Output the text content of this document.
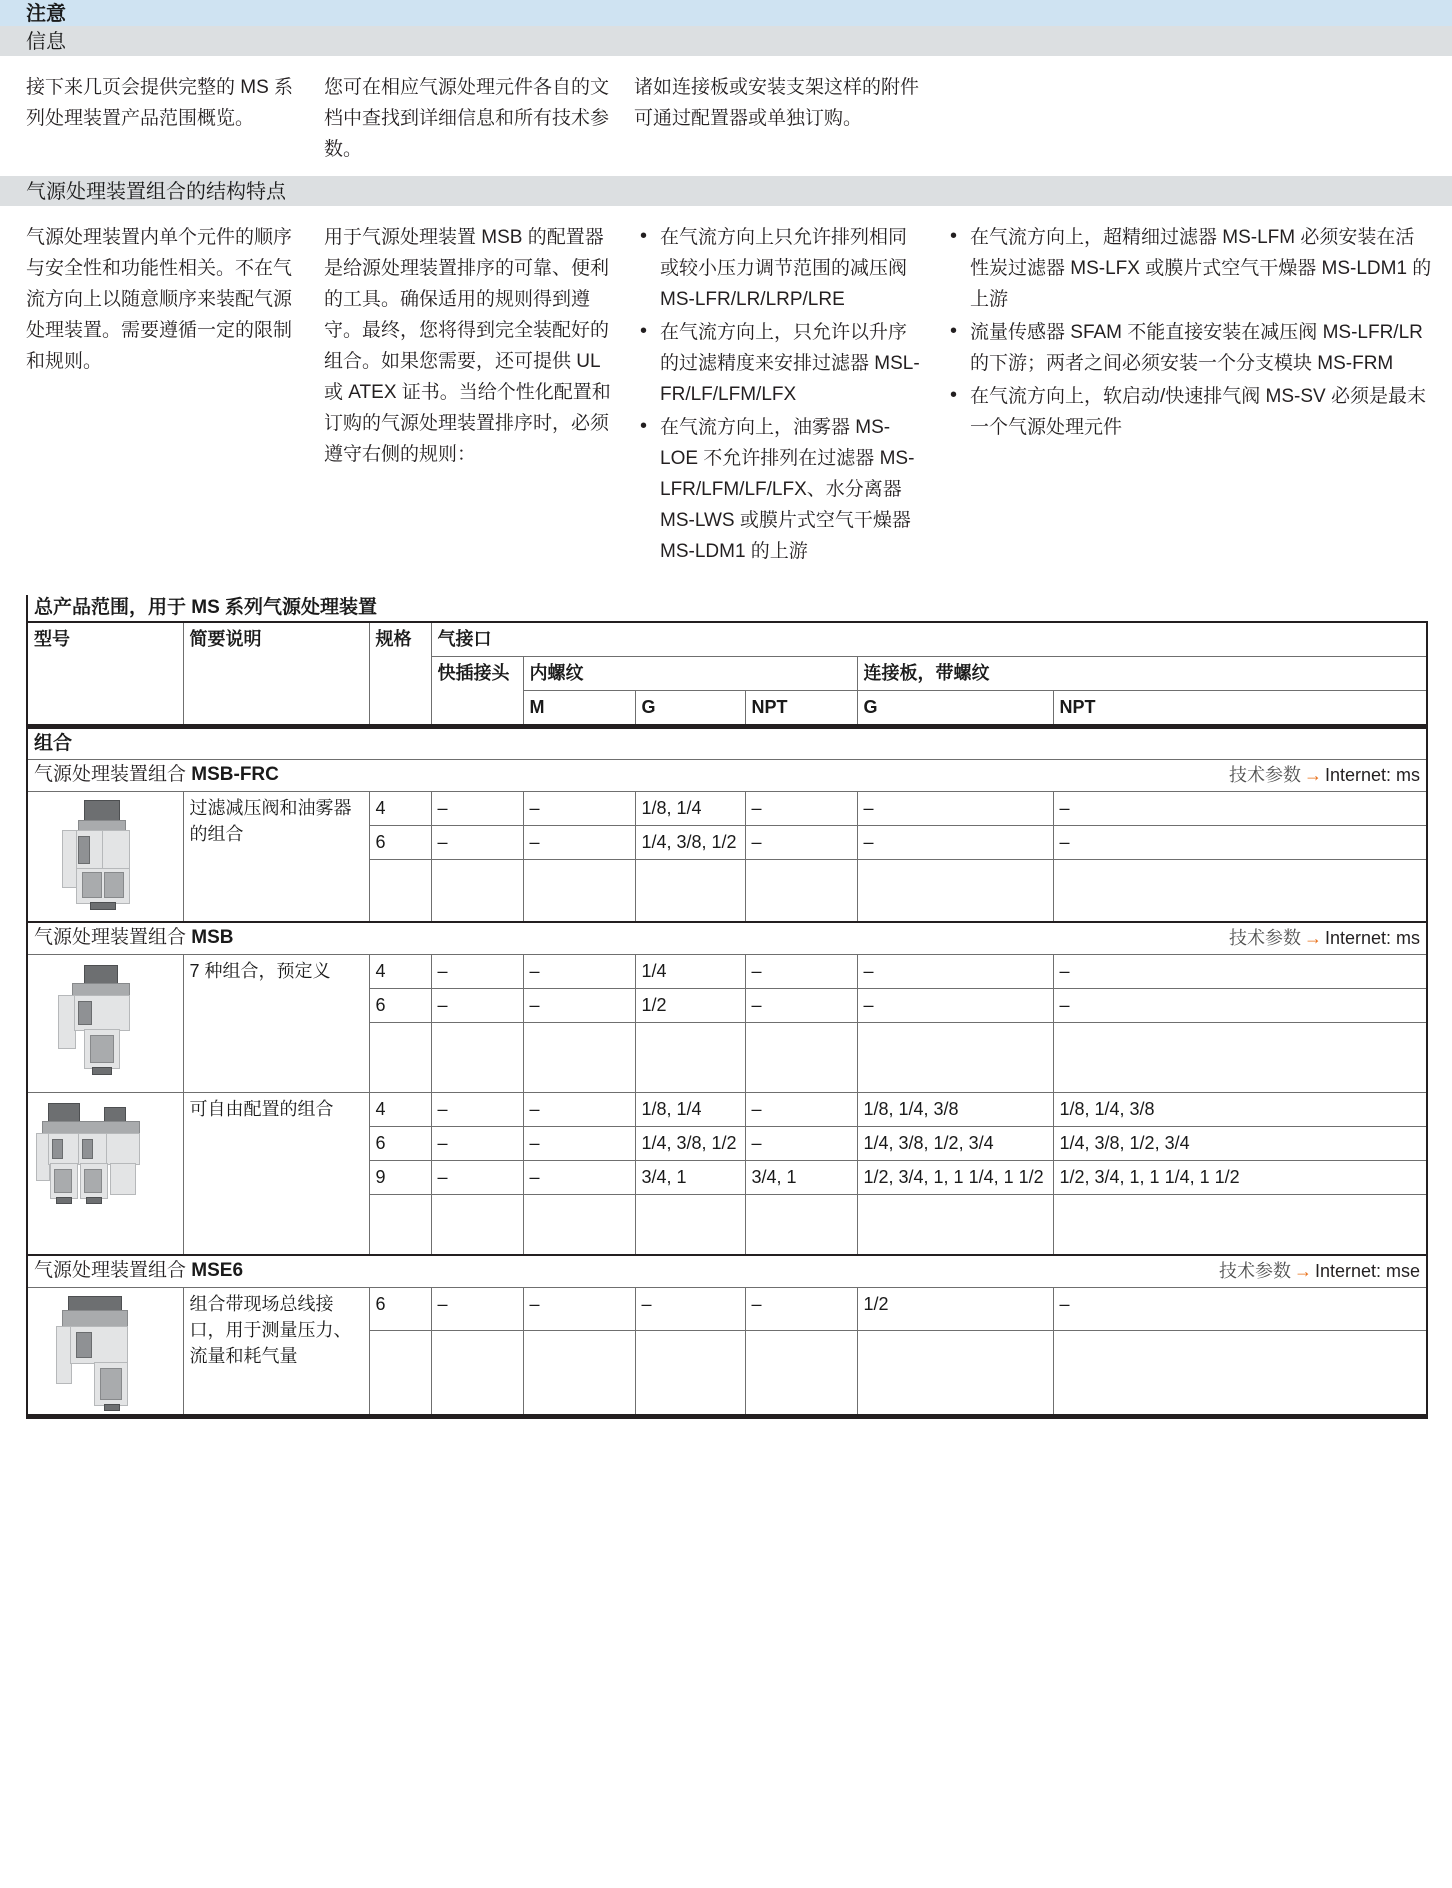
注意
信息
接下来几页会提供完整的 MS 系列处理装置产品范围概览。
您可在相应气源处理元件各自的文档中查找到详细信息和所有技术参数。
诸如连接板或安装支架这样的附件可通过配置器或单独订购。
气源处理装置组合的结构特点
气源处理装置内单个元件的顺序与安全性和功能性相关。不在气流方向上以随意顺序来装配气源处理装置。需要遵循一定的限制和规则。
用于气源处理装置 MSB 的配置器是给源处理装置排序的可靠、便利的工具。确保适用的规则得到遵守。最终，您将得到完全装配好的组合。如果您需要，还可提供 UL 或 ATEX 证书。当给个性化配置和订购的气源处理装置排序时，必须遵守右侧的规则：
• 在气流方向上只允许排列相同或较小压力调节范围的减压阀 MS-LFR/LR/LRP/LRE
• 在气流方向上，只允许以升序的过滤精度来安排过滤器 MSL-FR/LF/LFM/LFX
• 在气流方向上，油雾器 MS-LOE 不允许排列在过滤器 MS-LFR/LFM/LF/LFX、水分离器 MS-LWS 或膜片式空气干燥器 MS-LDM1 的上游
• 在气流方向上，超精细过滤器 MS-LFM 必须安装在活性炭过滤器 MS-LFX 或膜片式空气干燥器 MS-LDM1 的上游
• 流量传感器 SFAM 不能直接安装在减压阀 MS-LFR/LR 的下游；两者之间必须安装一个分支模块 MS-FRM
• 在气流方向上，软启动/快速排气阀 MS-SV 必须是最末一个气源处理元件
总产品范围，用于 MS 系列气源处理装置
型号	简要说明	规格	气接口					
			快插接头	内螺纹			连接板，带螺纹	
				M	G	NPT	G	NPT
组合								

技术参数 → Internet: ms
气源处理装置组合 MSB-FRC								

	过滤减压阀和油雾器的组合	4	–	–	1/8, 1/4	–	–	–
		6	–	–	1/4, 3/8, 1/2	–	–	–

技术参数 → Internet: ms
气源处理装置组合 MSB								

	7 种组合，预定义	4	–	–	1/4	–	–	–
		6	–	–	1/2	–	–	–

	可自由配置的组合	4	–	–	1/8, 1/4	–	1/8, 1/4, 3/8	1/8, 1/4, 3/8
		6	–	–	1/4, 3/8, 1/2	–	1/4, 3/8, 1/2, 3/4	1/4, 3/8, 1/2, 3/4
		9	–	–	3/4, 1	3/4, 1	1/2, 3/4, 1, 1 1/4, 1 1/2	1/2, 3/4, 1, 1 1/4, 1 1/2

技术参数 → Internet: mse
气源处理装置组合 MSE6								

	组合带现场总线接口，用于测量压力、流量和耗气量	6	–	–	–	–	1/2	–
